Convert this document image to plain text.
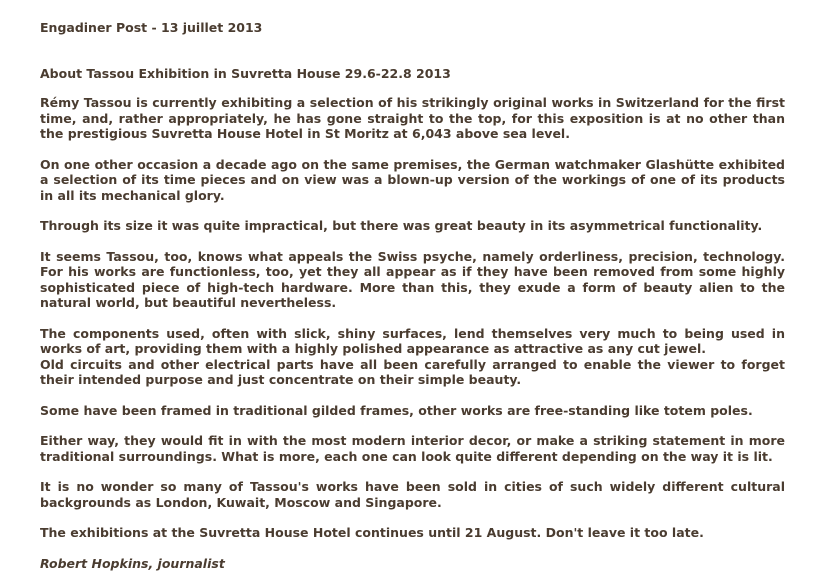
Engadiner Post - 13 juillet 2013

About Tassou Exhibition in Suvretta House 29.6-22.8 2013

Rémy Tassou is currently exhibiting a selection of his strikingly original works in Switzerland for the first time, and, rather appropriately, he has gone straight to the top, for this exposition is at no other than the prestigious Suvretta House Hotel in St Moritz at 6,043 above sea level.

On one other occasion a decade ago on the same premises, the German watchmaker Glashütte exhibited a selection of its time pieces and on view was a blown-up version of the workings of one of its products in all its mechanical glory.

Through its size it was quite impractical, but there was great beauty in its asymmetrical functionality.

It seems Tassou, too, knows what appeals the Swiss psyche, namely orderliness, precision, technology. For his works are functionless, too, yet they all appear as if they have been removed from some highly sophisticated piece of high-tech hardware. More than this, they exude a form of beauty alien to the natural world, but beautiful nevertheless.

The components used, often with slick, shiny surfaces, lend themselves very much to being used in works of art, providing them with a highly polished appearance as attractive as any cut jewel.

Old circuits and other electrical parts have all been carefully arranged to enable the viewer to forget their intended purpose and just concentrate on their simple beauty.

Some have been framed in traditional gilded frames, other works are free-standing like totem poles.

Either way, they would fit in with the most modern interior decor, or make a striking statement in more traditional surroundings. What is more, each one can look quite different depending on the way it is lit.

It is no wonder so many of Tassou's works have been sold in cities of such widely different cultural backgrounds as London, Kuwait, Moscow and Singapore.

The exhibitions at the Suvretta House Hotel continues until 21 August. Don't leave it too late.

Robert Hopkins, journalist
